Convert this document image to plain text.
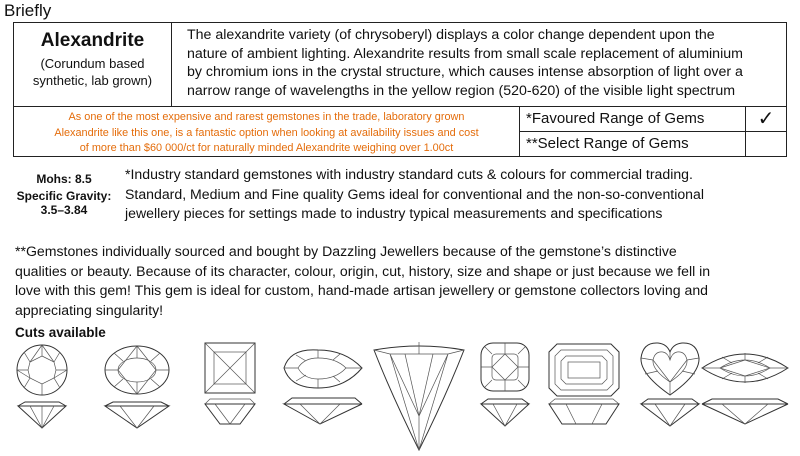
Briefly
Alexandrite
(Corundum based
synthetic, lab grown)
The alexandrite variety (of chrysoberyl) displays a color change dependent upon the
nature of ambient lighting. Alexandrite results from small scale replacement of aluminium
by chromium ions in the crystal structure, which causes intense absorption of light over a
narrow range of wavelengths in the yellow region (520-620) of the visible light spectrum
As one of the most expensive and rarest gemstones in the trade, laboratory grown
Alexandrite like this one, is a fantastic option when looking at availability issues and cost
of more than $60 000/ct for naturally minded Alexandrite weighing over 1.00ct
*Favoured Range of Gems	✓
**Select Range of Gems
Mohs: 8.5
Specific Gravity:
3.5–3.84
*Industry standard gemstones with industry standard cuts & colours for commercial trading.
Standard, Medium and Fine quality Gems ideal for conventional and the non-so-conventional
jewellery pieces for settings made to industry typical measurements and specifications
**Gemstones individually sourced and bought by Dazzling Jewellers because of the gemstone’s distinctive
qualities or beauty. Because of its character, colour, origin, cut, history, size and shape or just because we fell in
love with this gem! This gem is ideal for custom, hand-made artisan jewellery or gemstone collectors loving and
appreciating singularity!
Cuts available
